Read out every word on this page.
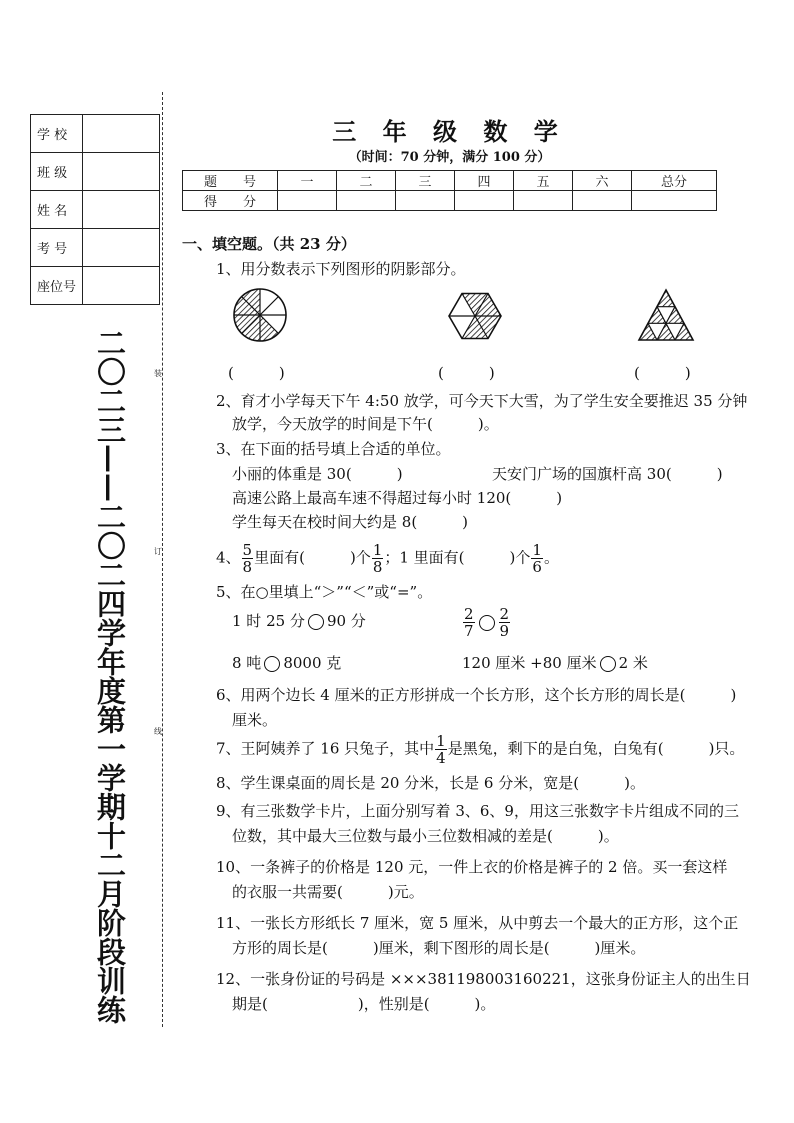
学 校
班 级
姓 名
考 号
座位号
二〇二三——二〇二四学年度第一学期十二月阶段训练	装
订
线
三 年 级 数 学
（时间：70 分钟，满分 100 分）
题　　号	一	二	三	四	五	六	总分
得　　分							
一、填空题。（共 23 分）
1、用分数表示下列图形的阴影部分。
(　　　)	(　　　)	(　　　)
2、育才小学每天下午 4:50 放学，可今天下大雪，为了学生安全要推迟 35 分钟
放学，今天放学的时间是下午(　　　)。
3、在下面的括号填上合适的单位。
小丽的体重是 30(　　　)	天安门广场的国旗杆高 30(　　　)
高速公路上最高车速不得超过每小时 120(　　　)
学生每天在校时间大约是 8(　　　)
4、 $\frac{5}{8}$ 里面有(　　　)个 $\frac{1}{8}$ ；1 里面有(　　　)个 $\frac{1}{6}$ 。
5、在○里填上“＞”“＜”或“=”。
1 时 25 分 90 分	$\frac{2}{7} \frac{2}{9}$
8 吨 8000 克	120 厘米 +80 厘米 2 米
6、用两个边长 4 厘米的正方形拼成一个长方形，这个长方形的周长是(　　　)
厘米。
7、王阿姨养了 16 只兔子，其中 $\frac{1}{4}$ 是黑兔，剩下的是白兔，白兔有(　　　)只。
8、学生课桌面的周长是 20 分米，长是 6 分米，宽是(　　　)。
9、有三张数学卡片，上面分别写着 3、6、9，用这三张数字卡片组成不同的三
位数，其中最大三位数与最小三位数相减的差是(　　　)。
10、一条裤子的价格是 120 元，一件上衣的价格是裤子的 2 倍。买一套这样
的衣服一共需要(　　　)元。
11、一张长方形纸长 7 厘米，宽 5 厘米，从中剪去一个最大的正方形，这个正
方形的周长是(　　　)厘米，剩下图形的周长是(　　　)厘米。
12、一张身份证的号码是 ×××381198003160221，这张身份证主人的出生日
期是(　　　　　　)，性别是(　　　)。
